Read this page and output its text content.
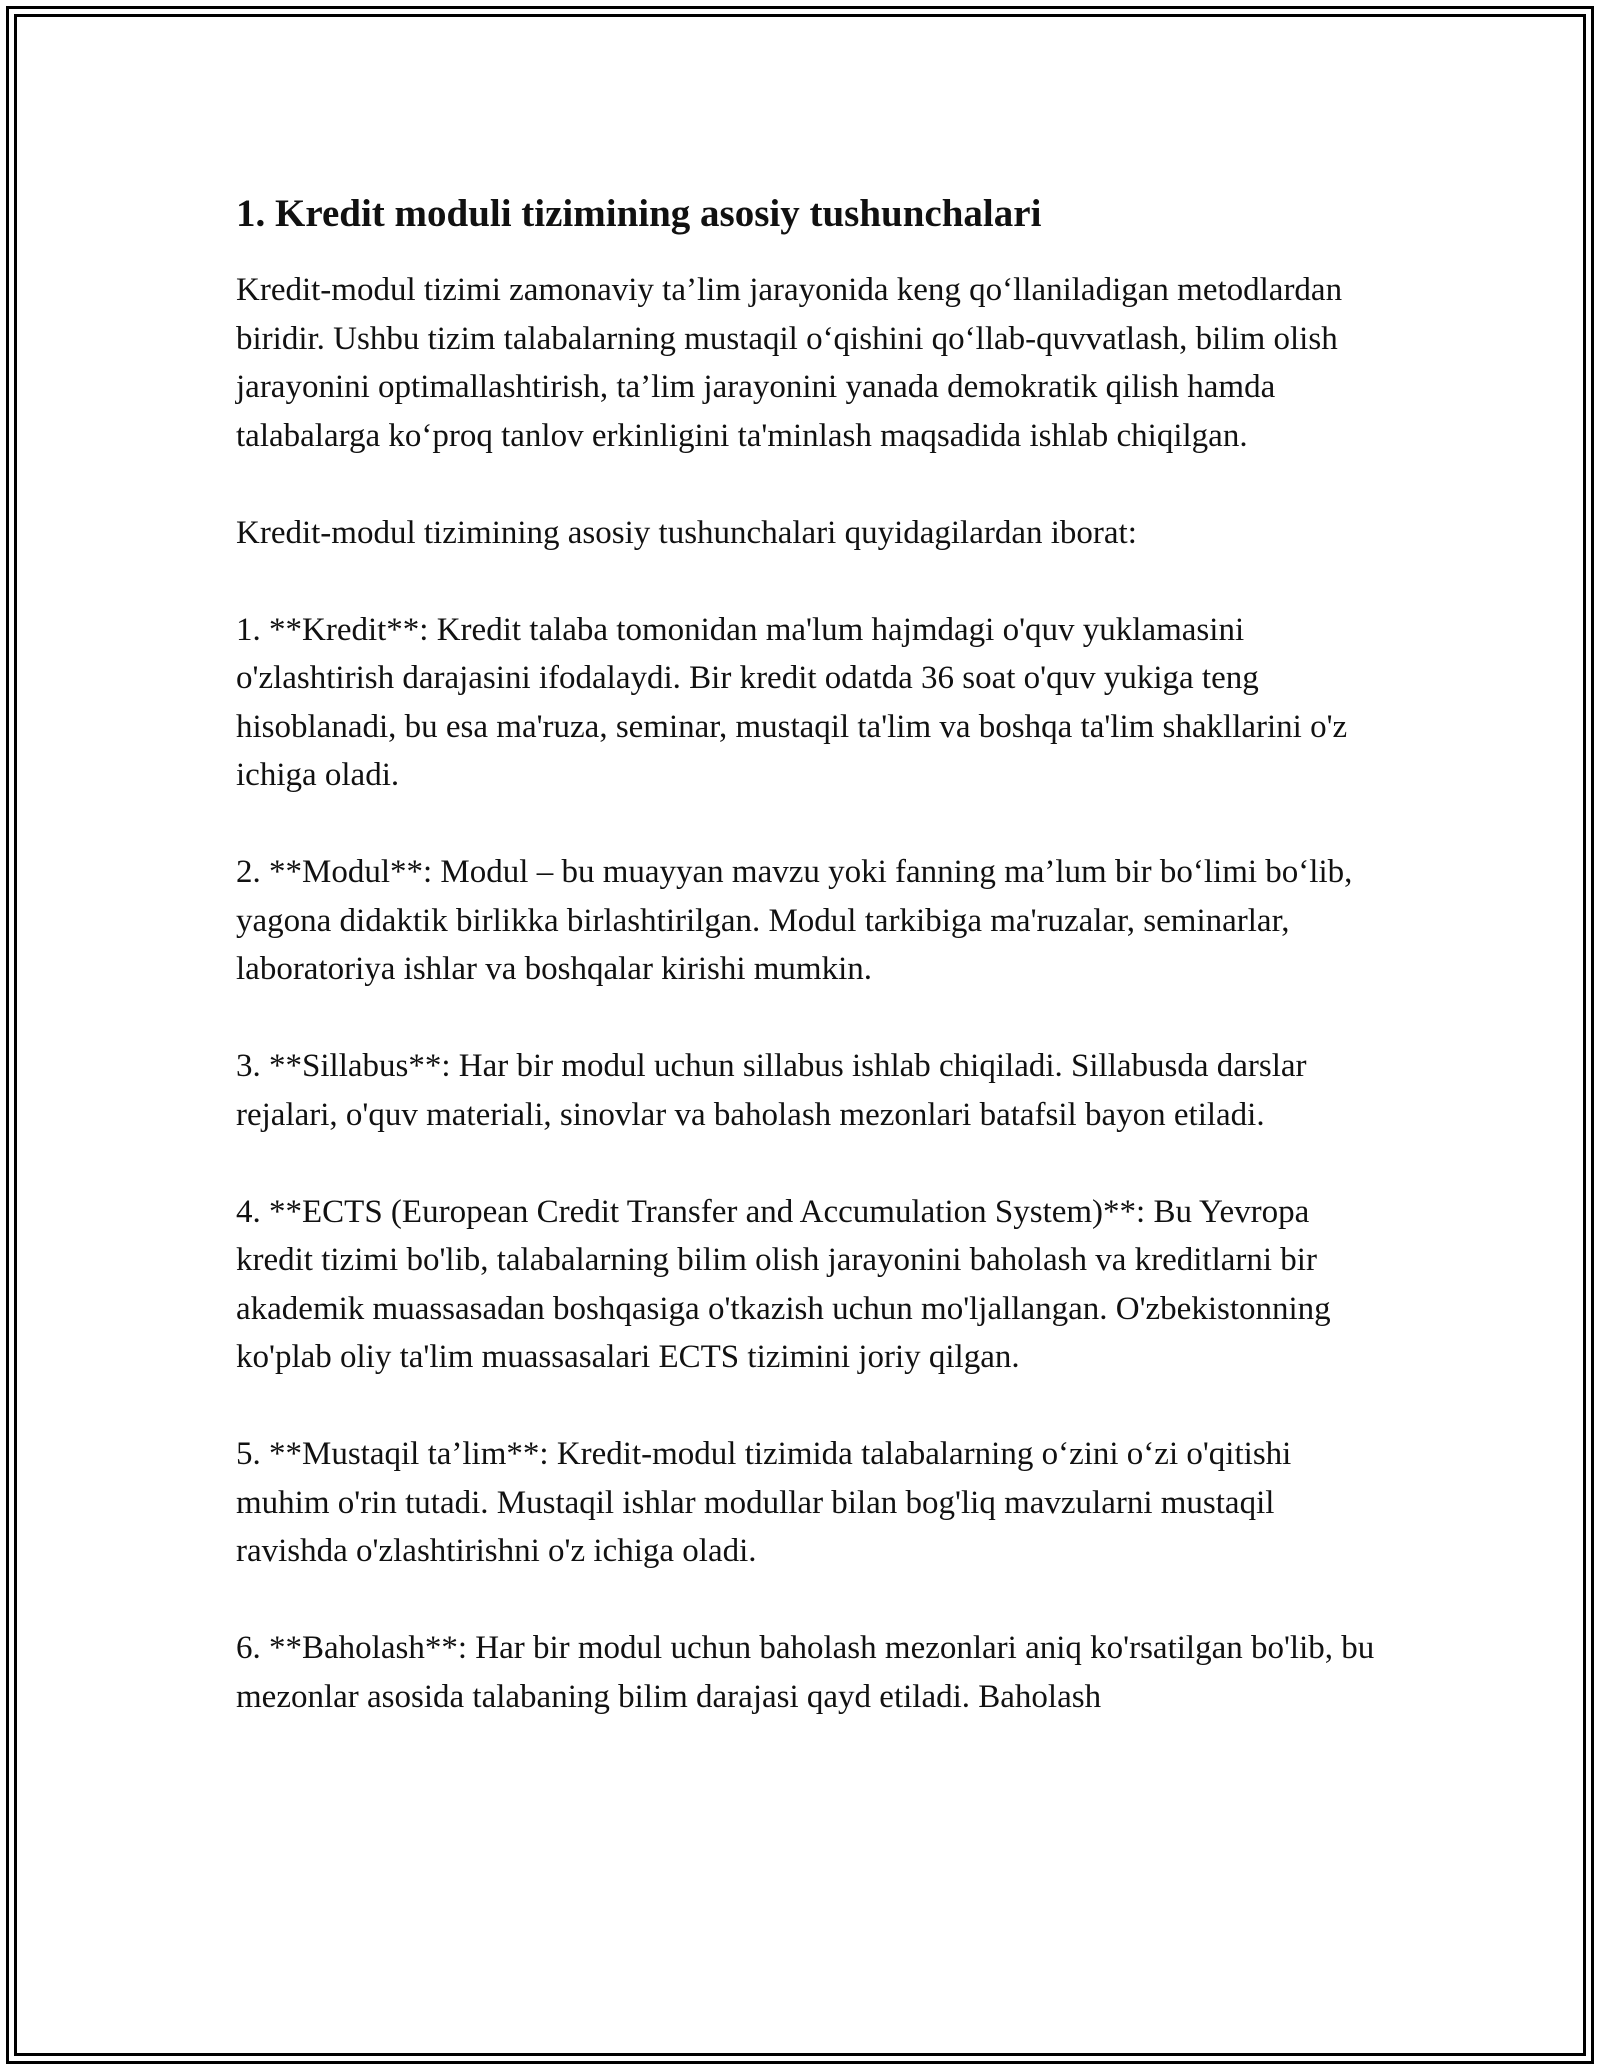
1. Kredit moduli tizimining asosiy tushunchalari

Kredit-modul tizimi zamonaviy ta’lim jarayonida keng qo‘llaniladigan metodlardan biridir. Ushbu tizim talabalarning mustaqil o‘qishini qo‘llab-quvvatlash, bilim olish jarayonini optimallashtirish, ta’lim jarayonini yanada demokratik qilish hamda talabalarga ko‘proq tanlov erkinligini ta'minlash maqsadida ishlab chiqilgan.

Kredit-modul tizimining asosiy tushunchalari quyidagilardan iborat:

1. **Kredit**: Kredit talaba tomonidan ma'lum hajmdagi o'quv yuklamasini o'zlashtirish darajasini ifodalaydi. Bir kredit odatda 36 soat o'quv yukiga teng hisoblanadi, bu esa ma'ruza, seminar, mustaqil ta'lim va boshqa ta'lim shakllarini o'z ichiga oladi.

2. **Modul**: Modul – bu muayyan mavzu yoki fanning ma’lum bir bo‘limi bo‘lib, yagona didaktik birlikka birlashtirilgan. Modul tarkibiga ma'ruzalar, seminarlar, laboratoriya ishlar va boshqalar kirishi mumkin.

3. **Sillabus**: Har bir modul uchun sillabus ishlab chiqiladi. Sillabusda darslar rejalari, o'quv materiali, sinovlar va baholash mezonlari batafsil bayon etiladi.

4. **ECTS (European Credit Transfer and Accumulation System)**: Bu Yevropa kredit tizimi bo'lib, talabalarning bilim olish jarayonini baholash va kreditlarni bir akademik muassasadan boshqasiga o'tkazish uchun mo'ljallangan. O'zbekistonning ko'plab oliy ta'lim muassasalari ECTS tizimini joriy qilgan.

5. **Mustaqil ta’lim**: Kredit-modul tizimida talabalarning o‘zini o‘zi o'qitishi muhim o'rin tutadi. Mustaqil ishlar modullar bilan bog'liq mavzularni mustaqil ravishda o'zlashtirishni o'z ichiga oladi.

6. **Baholash**: Har bir modul uchun baholash mezonlari aniq ko'rsatilgan bo'lib, bu mezonlar asosida talabaning bilim darajasi qayd etiladi. Baholash
